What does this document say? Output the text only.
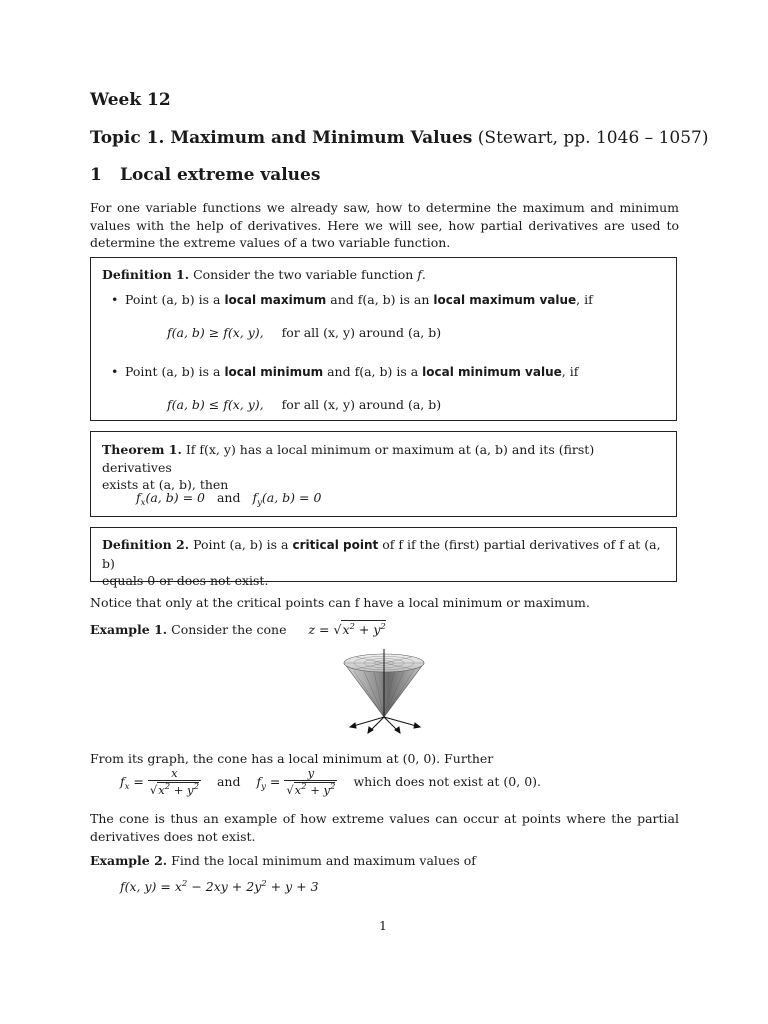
Week 12
Topic 1. Maximum and Minimum Values (Stewart, pp. 1046 – 1057)
1 Local extreme values
For one variable functions we already saw, how to determine the maximum and minimum values with the help of derivatives. Here we will see, how partial derivatives are used to determine the extreme values of a two variable function.
Definition 1. Consider the two variable function f.
• Point (a, b) is a local maximum and f(a, b) is an local maximum value, if
f(a, b) ≥ f(x, y), for all (x, y) around (a, b)
• Point (a, b) is a local minimum and f(a, b) is a local minimum value, if
f(a, b) ≤ f(x, y), for all (x, y) around (a, b)
Theorem 1. If f(x, y) has a local minimum or maximum at (a, b) and its (first) derivatives
exists at (a, b), then
$f_x(a$, b) = 0 and $f_y(a$, b) = 0
Definition 2. Point (a, b) is a critical point of f if the (first) partial derivatives of f at (a, b)
equals 0 or does not exist.
Notice that only at the critical points can f have a local minimum or maximum.
Example 1. Consider the cone $z = √x^2 + y^2$
From its graph, the cone has a local minimum at (0, 0). Further
$f_x = \frac{x}{√x^2 + y^2}$ and $f_y = \frac{y}{√x^2 + y^2}$ which does not exist at (0, 0).
The cone is thus an example of how extreme values can occur at points where the partial derivatives does not exist.
Example 2. Find the local minimum and maximum values of
f(x, $y) = x^2 - 2xy + 2y^2 + y + 3$
1
